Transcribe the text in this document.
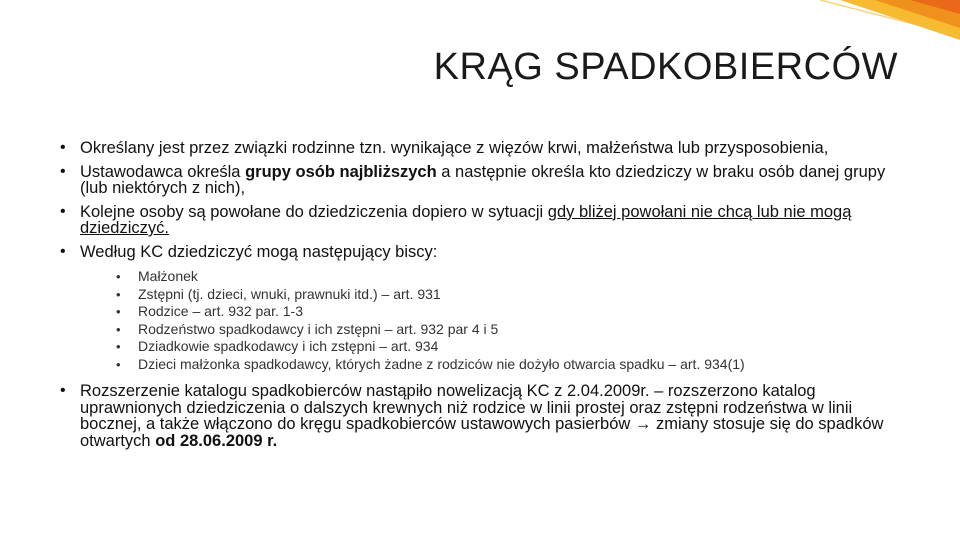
KRĄG SPADKOBIERCÓW
• Określany jest przez związki rodzinne tzn. wynikające z więzów krwi, małżeństwa lub przysposobienia,
• Ustawodawca określa grupy osób najbliższych a następnie określa kto dziedziczy w braku osób danej grupy (lub niektórych z nich),
• Kolejne osoby są powołane do dziedziczenia dopiero w sytuacji gdy bliżej powołani nie chcą lub nie mogą dziedziczyć.
• Według KC dziedziczyć mogą następujący biscy:
• Małżonek
• Zstępni (tj. dzieci, wnuki, prawnuki itd.) – art. 931
• Rodzice – art. 932 par. 1-3
• Rodzeństwo spadkodawcy i ich zstępni – art. 932 par 4 i 5
• Dziadkowie spadkodawcy i ich zstępni – art. 934
• Dzieci małżonka spadkodawcy, których żadne z rodziców nie dożyło otwarcia spadku – art. 934(1)
• Rozszerzenie katalogu spadkobierców nastąpiło nowelizacją KC z 2.04.2009r. – rozszerzono katalog uprawnionych dziedziczenia o dalszych krewnych niż rodzice w linii prostej oraz zstępni rodzeństwa w linii bocznej, a także włączono do kręgu spadkobierców ustawowych pasierbów → zmiany stosuje się do spadków otwartych od 28.06.2009 r.
